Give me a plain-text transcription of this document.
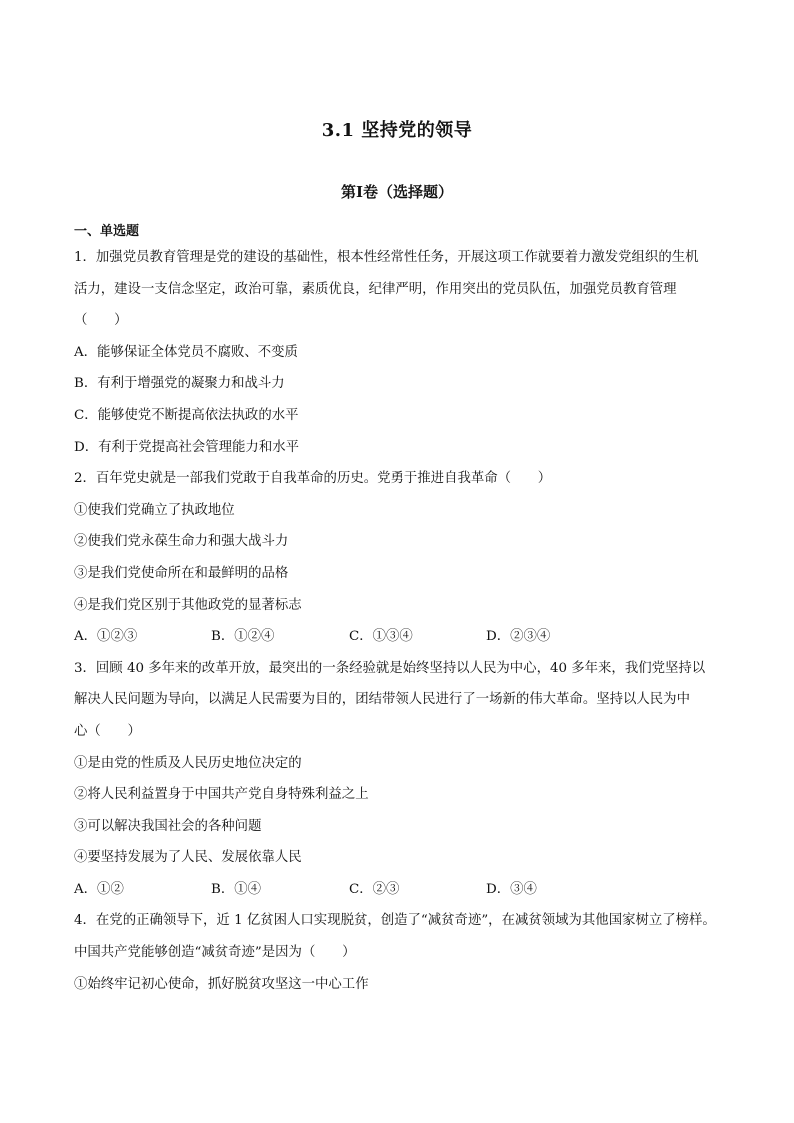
3.1 坚持党的领导
第Ⅰ卷（选择题）
一、单选题
1．加强党员教育管理是党的建设的基础性，根本性经常性任务，开展这项工作就要着力激发党组织的生机
活力，建设一支信念坚定，政治可靠，素质优良，纪律严明，作用突出的党员队伍，加强党员教育管理
（　　）
A．能够保证全体党员不腐败、不变质
B．有利于增强党的凝聚力和战斗力
C．能够使党不断提高依法执政的水平
D．有利于党提高社会管理能力和水平
2．百年党史就是一部我们党敢于自我革命的历史。党勇于推进自我革命（　　）
①使我们党确立了执政地位
②使我们党永葆生命力和强大战斗力
③是我们党使命所在和最鲜明的品格
④是我们党区别于其他政党的显著标志
A．①②③	B．①②④	C．①③④	D．②③④
3．回顾 40 多年来的改革开放，最突出的一条经验就是始终坚持以人民为中心，40 多年来，我们党坚持以
解决人民问题为导向，以满足人民需要为目的，团结带领人民进行了一场新的伟大革命。坚持以人民为中
心（　　）
①是由党的性质及人民历史地位决定的
②将人民利益置身于中国共产党自身特殊利益之上
③可以解决我国社会的各种问题
④要坚持发展为了人民、发展依靠人民
A．①②	B．①④	C．②③	D．③④
4．在党的正确领导下，近 1 亿贫困人口实现脱贫，创造了“减贫奇迹”，在减贫领域为其他国家树立了榜样。
中国共产党能够创造“减贫奇迹”是因为（　　）
①始终牢记初心使命，抓好脱贫攻坚这一中心工作
